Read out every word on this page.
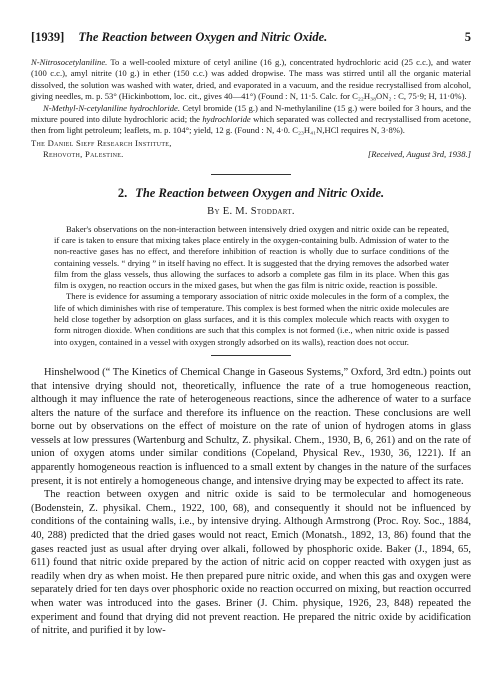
[1939] The Reaction between Oxygen and Nitric Oxide.	5

N-Nitrosocetylaniline. To a well-cooled mixture of cetyl aniline (16 g.), concentrated hydrochloric acid (25 c.c.), and water (100 c.c.), amyl nitrite (10 g.) in ether (150 c.c.) was added dropwise. The mass was stirred until all the organic material dissolved, the solution was washed with water, dried, and evaporated in a vacuum, and the residue recrystallised from alcohol, giving needles, m. p. 53° (Hickinbottom, loc. cit., gives 40—41°) (Found : N, 11·5. Calc. for C₂₂H₃₈ON₂ : C, 75·9; H, 11·0%).

N-Methyl-N-cetylaniline hydrochloride. Cetyl bromide (15 g.) and N-methylaniline (15 g.) were boiled for 3 hours, and the mixture poured into dilute hydrochloric acid; the hydrochloride which separated was collected and recrystallised from acetone, then from light petroleum; leaflets, m. p. 104°; yield, 12 g. (Found : N, 4·0. C₂₃H₄₁N,HCl requires N, 3·8%).

The Daniel Sieff Research Institute,
Rehovoth, Palestine.	[Received, August 3rd, 1938.]

2. The Reaction between Oxygen and Nitric Oxide.

By E. M. Stoddart.

Baker's observations on the non-interaction between intensively dried oxygen and nitric oxide can be repeated, if care is taken to ensure that mixing takes place entirely in the oxygen-containing bulb. Admission of water to the non-reactive gases has no effect, and therefore inhibition of reaction is wholly due to surface conditions of the containing vessels. “ drying ” in itself having no effect. It is suggested that the drying removes the adsorbed water film from the glass vessels, thus allowing the surfaces to adsorb a complete gas film in its place. When this gas film is oxygen, no reaction occurs in the mixed gases, but when the gas film is nitric oxide, reaction is possible.

There is evidence for assuming a temporary association of nitric oxide molecules in the form of a complex, the life of which diminishes with rise of temperature. This complex is best formed when the nitric oxide molecules are held close together by adsorption on glass surfaces, and it is this complex molecule which reacts with oxygen to form nitrogen dioxide. When conditions are such that this complex is not formed (i.e., when nitric oxide is passed into oxygen, contained in a vessel with oxygen strongly adsorbed on its walls), reaction does not occur.

Hinshelwood (“ The Kinetics of Chemical Change in Gaseous Systems,” Oxford, 3rd edtn.) points out that intensive drying should not, theoretically, influence the rate of a true homogeneous reaction, although it may influence the rate of heterogeneous reactions, since the adherence of water to a surface alters the nature of the surface and therefore its influence on the reaction. These conclusions are well borne out by observations on the effect of moisture on the rate of union of hydrogen atoms in glass vessels at low pressures (Wartenburg and Schultz, Z. physikal. Chem., 1930, B, 6, 261) and on the rate of union of oxygen atoms under similar conditions (Copeland, Physical Rev., 1930, 36, 1221). If an apparently homogeneous reaction is influenced to a small extent by changes in the nature of the surfaces present, it is not entirely a homogeneous change, and intensive drying may be expected to affect its rate.

The reaction between oxygen and nitric oxide is said to be termolecular and homogeneous (Bodenstein, Z. physikal. Chem., 1922, 100, 68), and consequently it should not be influenced by conditions of the containing walls, i.e., by intensive drying. Although Armstrong (Proc. Roy. Soc., 1884, 40, 288) predicted that the dried gases would not react, Emich (Monatsh., 1892, 13, 86) found that the gases reacted just as usual after drying over alkali, followed by phosphoric oxide. Baker (J., 1894, 65, 611) found that nitric oxide prepared by the action of nitric acid on copper reacted with oxygen just as readily when dry as when moist. He then prepared pure nitric oxide, and when this gas and oxygen were separately dried for ten days over phosphoric oxide no reaction occurred on mixing, but reaction occurred when water was introduced into the gases. Briner (J. Chim. physique, 1926, 23, 848) repeated the experiment and found that drying did not prevent reaction. He prepared the nitric oxide by acidification of nitrite, and purified it by low-
